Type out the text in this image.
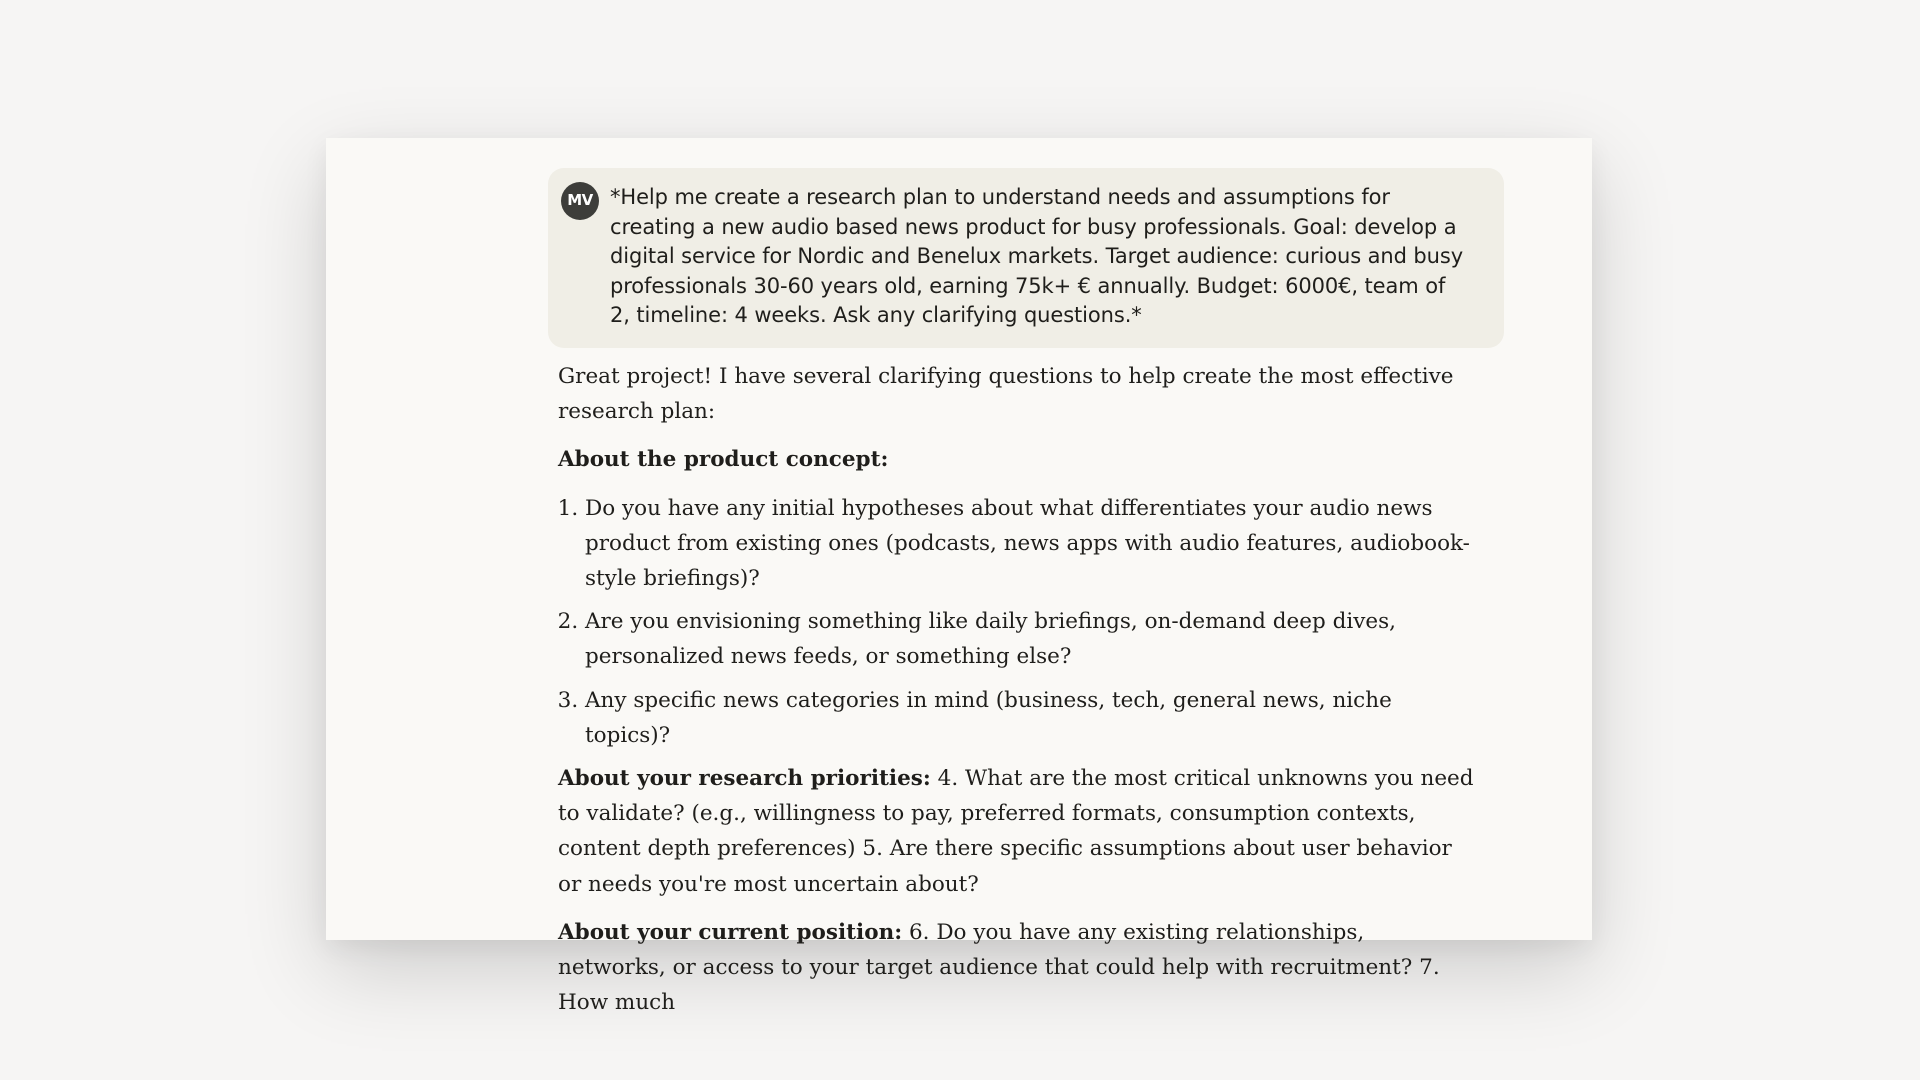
MV *Help me create a research plan to understand needs and assumptions for creating a new audio based news product for busy professionals. Goal: develop a digital service for Nordic and Benelux markets. Target audience: curious and busy professionals 30-60 years old, earning 75k+ € annually. Budget: 6000€, team of 2, timeline: 4 weeks. Ask any clarifying questions.*

Great project! I have several clarifying questions to help create the most effective research plan:

About the product concept:

1. Do you have any initial hypotheses about what differentiates your audio news product from existing ones (podcasts, news apps with audio features, audiobook-style briefings)?
2. Are you envisioning something like daily briefings, on-demand deep dives, personalized news feeds, or something else?
3. Any specific news categories in mind (business, tech, general news, niche topics)?

About your research priorities: 4. What are the most critical unknowns you need to validate? (e.g., willingness to pay, preferred formats, consumption contexts, content depth preferences) 5. Are there specific assumptions about user behavior or needs you're most uncertain about?

About your current position: 6. Do you have any existing relationships, networks, or access to your target audience that could help with recruitment? 7. How much
